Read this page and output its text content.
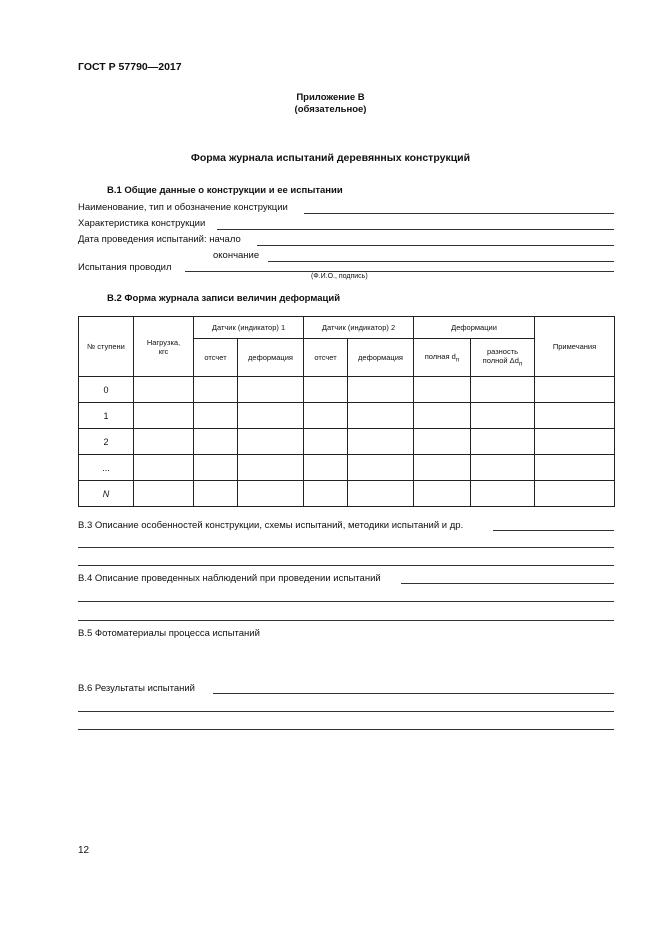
ГОСТ Р 57790—2017
Приложение В
(обязательное)
Форма журнала испытаний деревянных конструкций
В.1 Общие данные о конструкции и ее испытании
Наименование, тип и обозначение конструкции
Характеристика конструкции
Дата проведения испытаний: начало
окончание
Испытания проводил
(Ф.И.О., подпись)
В.2 Форма журнала записи величин деформаций
№ ступени	Нагрузка, кгс	Датчик (индикатор) 1		Датчик (индикатор) 2		Деформации		Примечания
		отсчет	деформация	отсчет	деформация	полная $d_n$	разность
полной $\Delta d_n$

0								
1								
2								
...								
N								
В.3 Описание особенностей конструкции, схемы испытаний, методики испытаний и др.
В.4 Описание проведенных наблюдений при проведении испытаний
В.5 Фотоматериалы процесса испытаний
В.6 Результаты испытаний
12
